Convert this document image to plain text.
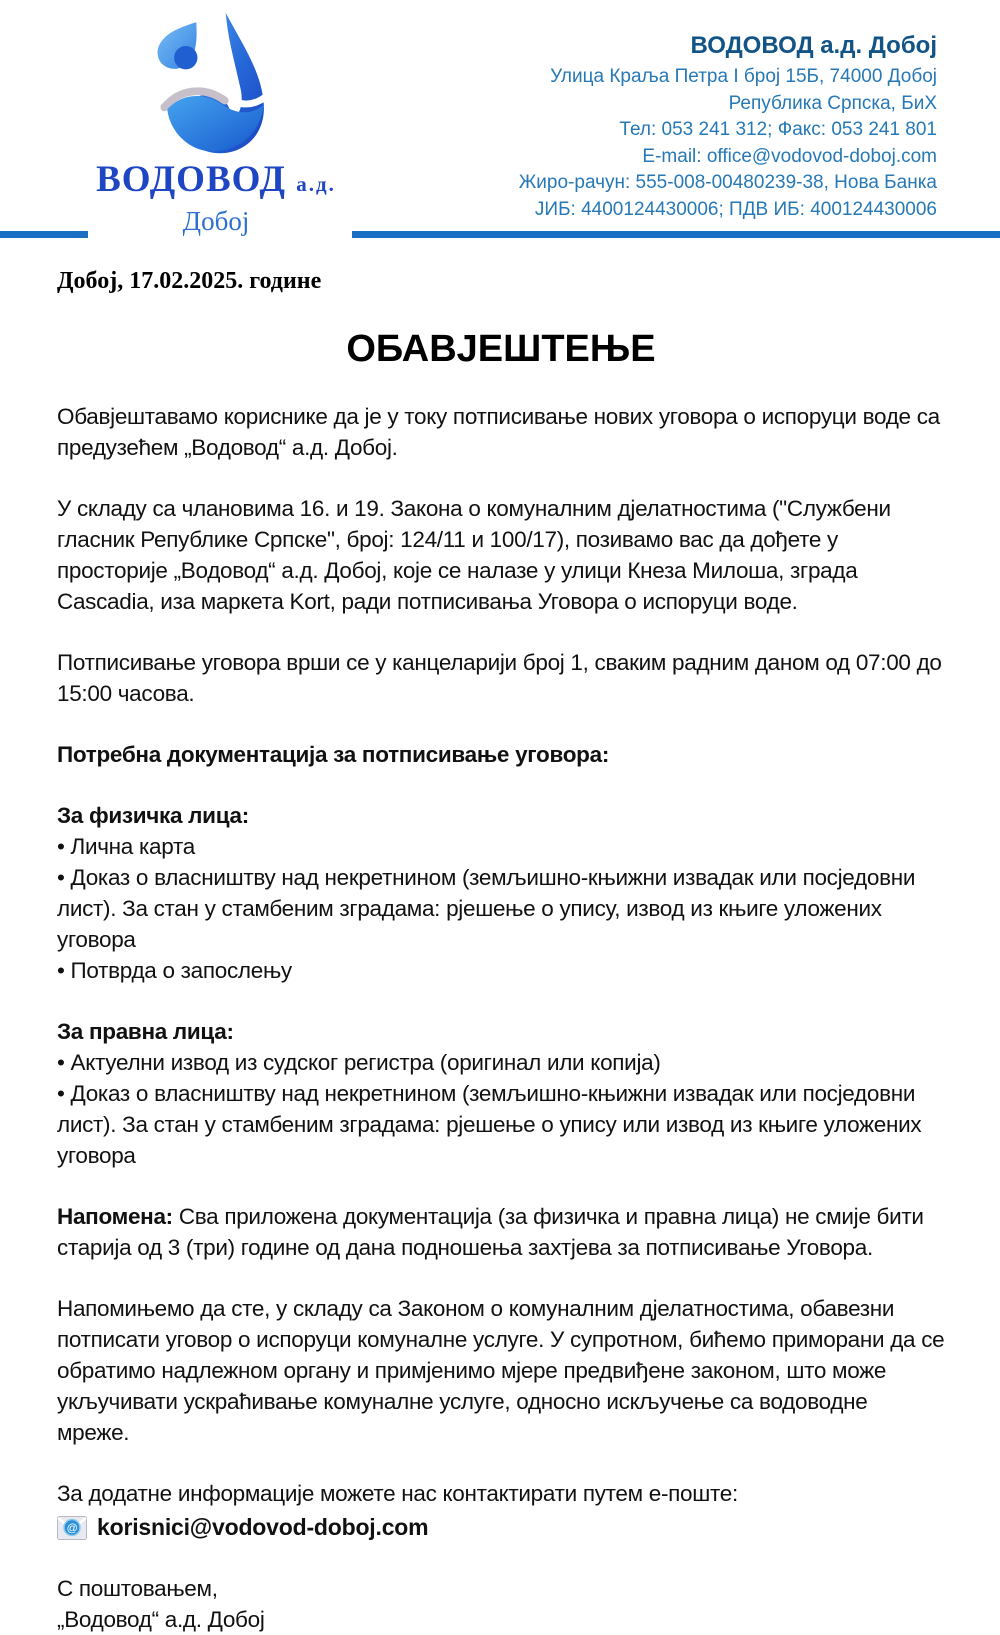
ВОДОВОД а.д.
Добој
ВОДОВОД а.д. Добој
Улица Краља Петра I број 15Б, 74000 Добој
Република Српска, БиХ
Тел: 053 241 312; Факс: 053 241 801
E-mail: office@vodovod-doboj.com
Жиро-рачун: 555-008-00480239-38, Нова Банка
ЈИБ: 4400124430006; ПДВ ИБ: 400124430006
Добој, 17.02.2025. године
ОБАВЈЕШТЕЊЕ

Обавјештавамо кориснике да је у току потписивање нових уговора о испоруци воде са предузећем „Водовод“ а.д. Добој.

У складу са члановима 16. и 19. Закона о комуналним дјелатностима ("Службени гласник Републике Српске", број: 124/11 и 100/17), позивамо вас да дођете у просторије „Водовод“ а.д. Добој, које се налазе у улици Кнеза Милоша, зграда Cascadia, иза маркета Kort, ради потписивања Уговора о испоруци воде.

Потписивање уговора врши се у канцеларији број 1, сваким радним даном од 07:00 до 15:00 часова.

Потребна документација за потписивање уговора:

За физичка лица:

• Лична карта

• Доказ о власништву над некретнином (земљишно-књижни извадак или посједовни лист). За стан у стамбеним зградама: рјешење о упису, извод из књиге уложених уговора

• Потврда о запослењу

За правна лица:

• Актуелни извод из судског регистра (оригинал или копија)

• Доказ о власништву над некретнином (земљишно-књижни извадак или посједовни лист). За стан у стамбеним зградама: рјешење о упису или извод из књиге уложених уговора

Напомена: Сва приложена документација (за физичка и правна лица) не смије бити старија од 3 (три) године од дана подношења захтјева за потписивање Уговора.

Напомињемо да сте, у складу са Законом о комуналним дјелатностима, обавезни потписати уговор о испоруци комуналне услуге. У супротном, бићемо приморани да се обратимо надлежном органу и примјенимо мјере предвиђене законом, што може укључивати ускраћивање комуналне услуге, односно искључење са водоводне мреже.

За додатне информације можете нас контактирати путем е-поште:

@ korisnici@vodovod-doboj.com
С поштовањем,
„Водовод“ а.д. Добој
